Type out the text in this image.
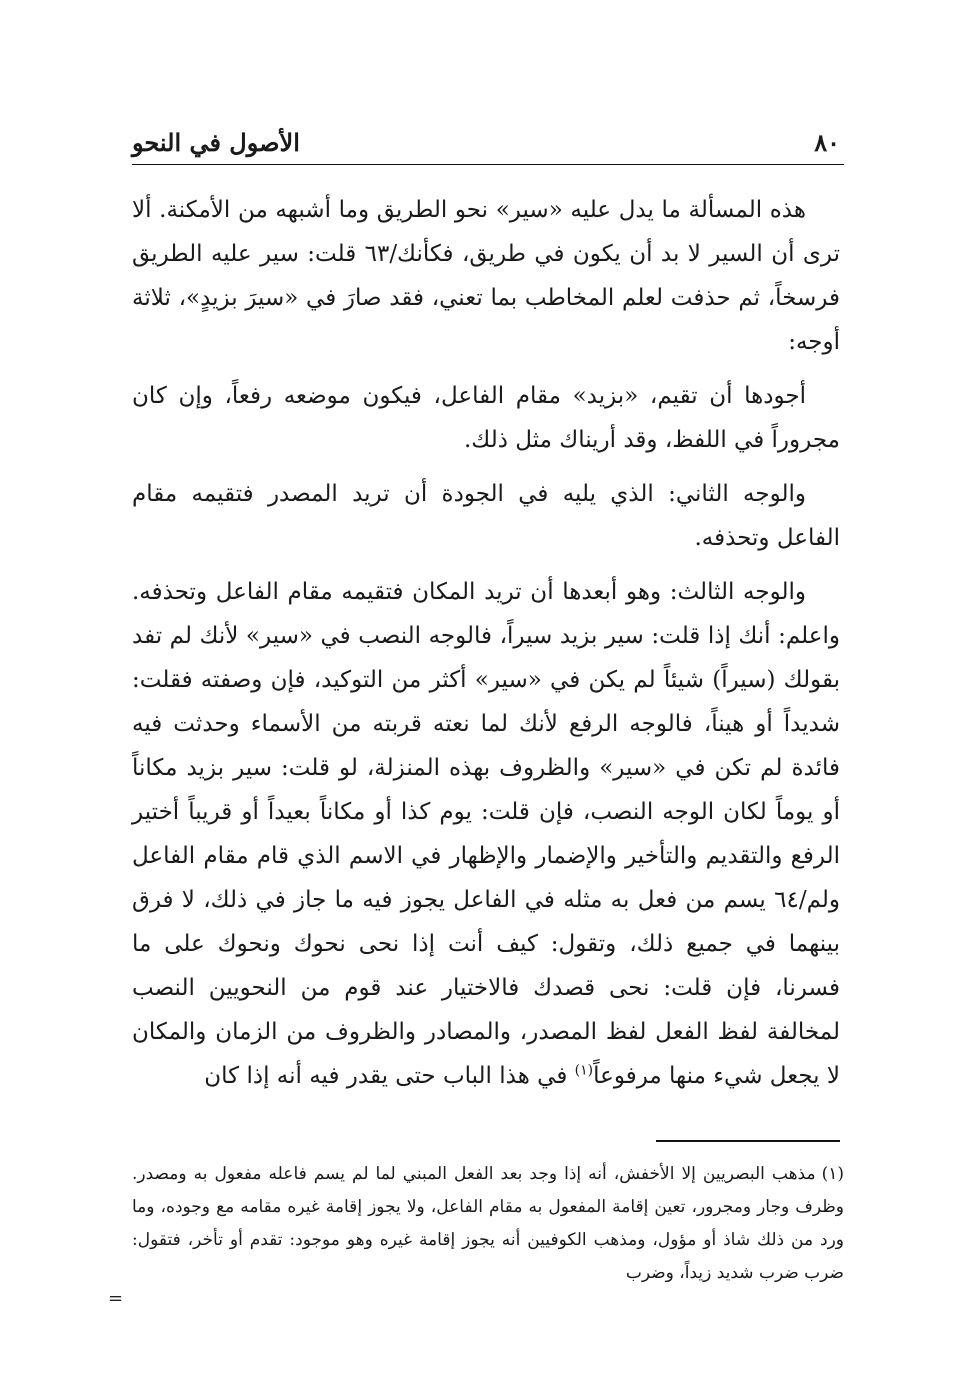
٨٠
الأصول في النحو

هذه المسألة ما يدل عليه «سير» نحو الطريق وما أشبهه من الأمكنة. ألا ترى أن السير لا بد أن يكون في طريق، فكأنك/٦٣ قلت: سير عليه الطريق فرسخاً، ثم حذفت لعلم المخاطب بما تعني، فقد صارَ في «سيرَ بزيدٍ»، ثلاثة أوجه:

أجودها أن تقيم، «بزيد» مقام الفاعل، فيكون موضعه رفعاً، وإن كان مجروراً في اللفظ، وقد أريناك مثل ذلك.

والوجه الثاني: الذي يليه في الجودة أن تريد المصدر فتقيمه مقام الفاعل وتحذفه.

والوجه الثالث: وهو أبعدها أن تريد المكان فتقيمه مقام الفاعل وتحذفه. واعلم: أنك إذا قلت: سير بزيد سيراً، فالوجه النصب في «سير» لأنك لم تفد بقولك (سيراً) شيئاً لم يكن في «سير» أكثر من التوكيد، فإن وصفته فقلت: شديداً أو هيناً، فالوجه الرفع لأنك لما نعته قربته من الأسماء وحدثت فيه فائدة لم تكن في «سير» والظروف بهذه المنزلة، لو قلت: سير بزيد مكاناً أو يوماً لكان الوجه النصب، فإن قلت: يوم كذا أو مكاناً بعيداً أو قريباً أختير الرفع والتقديم والتأخير والإضمار والإظهار في الاسم الذي قام مقام الفاعل ولم/٦٤ يسم من فعل به مثله في الفاعل يجوز فيه ما جاز في ذلك، لا فرق بينهما في جميع ذلك، وتقول: كيف أنت إذا نحى نحوك ونحوك على ما فسرنا، فإن قلت: نحى قصدك فالاختيار عند قوم من النحويين النصب لمخالفة لفظ الفعل لفظ المصدر، والمصادر والظروف من الزمان والمكان لا يجعل شيء منها مرفوعاً$^{(١)}$ في هذا الباب حتى يقدر فيه أنه إذا كان

(١)مذهب البصريين إلا الأخفش، أنه إذا وجد بعد الفعل المبني لما لم يسم فاعله مفعول به ومصدر. وظرف وجار ومجرور، تعين إقامة المفعول به مقام الفاعل، ولا يجوز إقامة غيره مقامه مع وجوده، وما ورد من ذلك شاذ أو مؤول، ومذهب الكوفيين أنه يجوز إقامة غيره وهو موجود: تقدم أو تأخر، فتقول: ضرب ضرب شديد زيداً، وضرب
=
